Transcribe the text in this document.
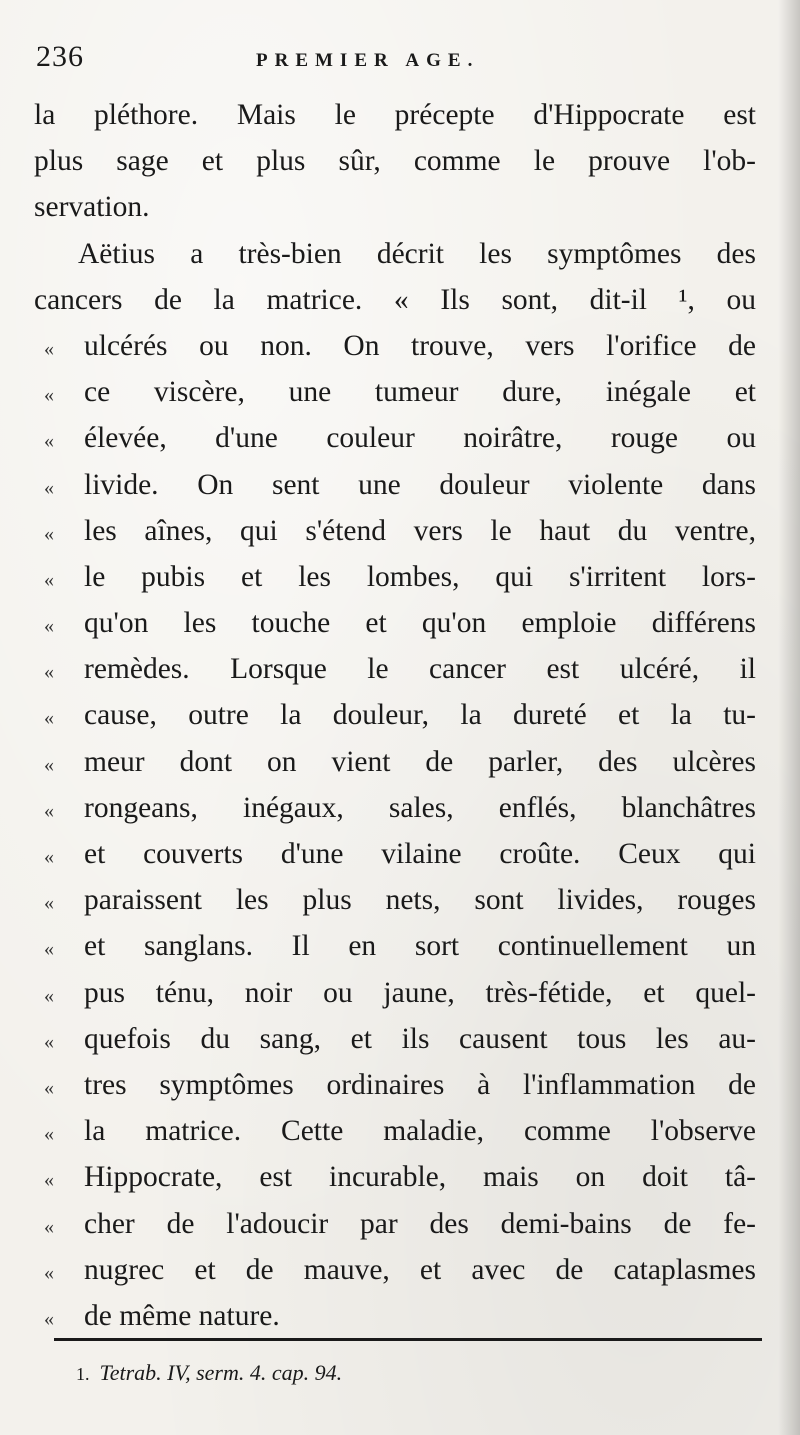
236	PREMIER AGE.
la pléthore. Mais le précepte d'Hippocrate est
plus sage et plus sûr, comme le prouve l'ob-
servation.
Aëtius a très-bien décrit les symptômes des
cancers de la matrice. « Ils sont, dit-il ¹, ou
« ulcérés ou non. On trouve, vers l'orifice de
« ce viscère, une tumeur dure, inégale et
« élevée, d'une couleur noirâtre, rouge ou
« livide. On sent une douleur violente dans
« les aînes, qui s'étend vers le haut du ventre,
« le pubis et les lombes, qui s'irritent lors-
« qu'on les touche et qu'on emploie différens
« remèdes. Lorsque le cancer est ulcéré, il
« cause, outre la douleur, la dureté et la tu-
« meur dont on vient de parler, des ulcères
« rongeans, inégaux, sales, enflés, blanchâtres
« et couverts d'une vilaine croûte. Ceux qui
« paraissent les plus nets, sont livides, rouges
« et sanglans. Il en sort continuellement un
« pus ténu, noir ou jaune, très-fétide, et quel-
« quefois du sang, et ils causent tous les au-
« tres symptômes ordinaires à l'inflammation de
« la matrice. Cette maladie, comme l'observe
« Hippocrate, est incurable, mais on doit tâ-
« cher de l'adoucir par des demi-bains de fe-
« nugrec et de mauve, et avec de cataplasmes
« de même nature.
1. Tetrab. IV, serm. 4. cap. 94.
